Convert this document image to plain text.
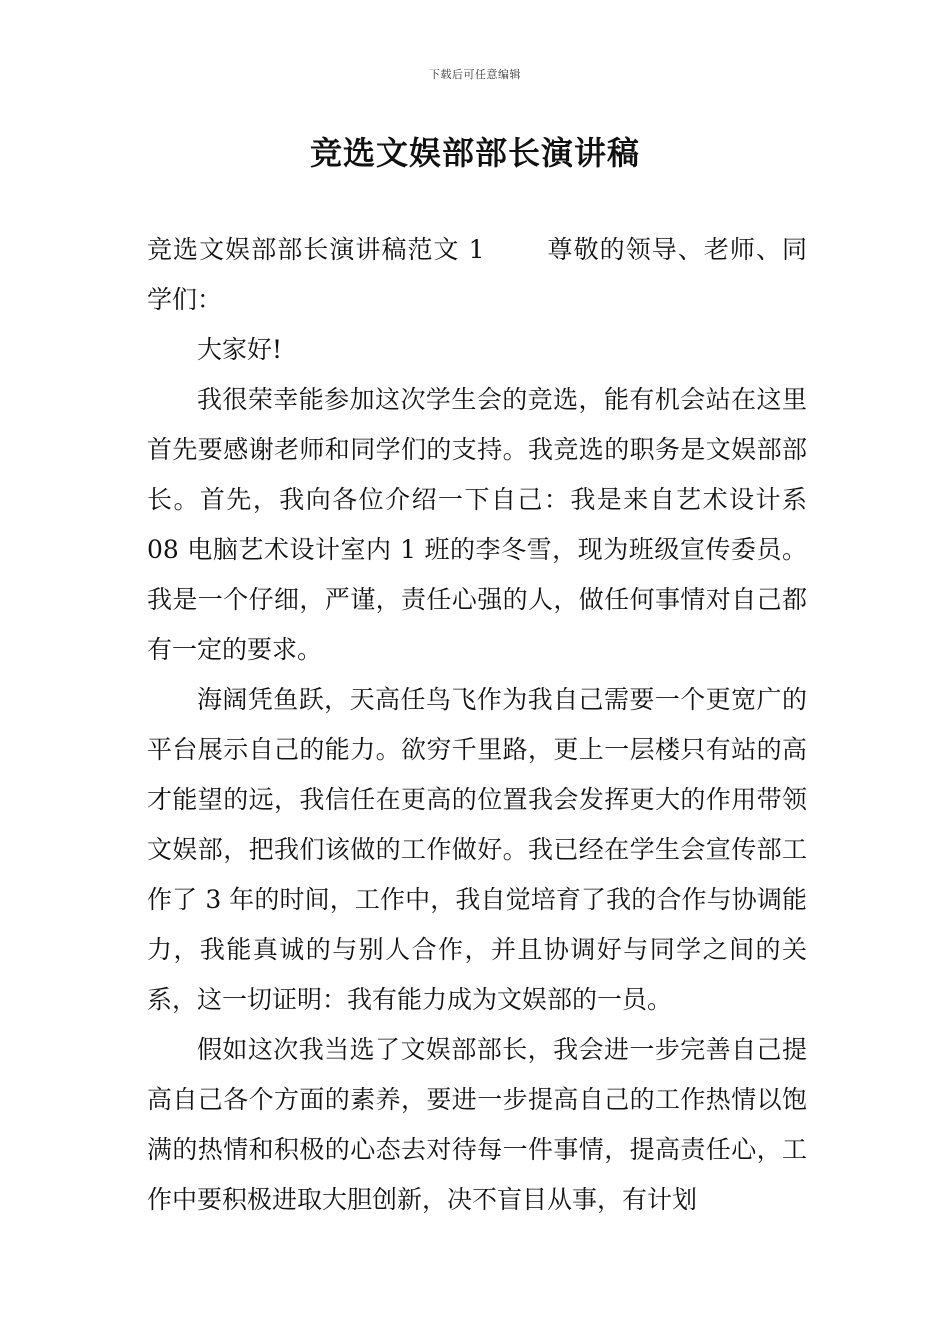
下载后可任意编辑
竞选文娱部部长演讲稿

竞选文娱部部长演讲稿范文 1 尊敬的领导、老师、同学们：

大家好!

我很荣幸能参加这次学生会的竞选，能有机会站在这里首先要感谢老师和同学们的支持。我竞选的职务是文娱部部长。首先，我向各位介绍一下自己：我是来自艺术设计系 08 电脑艺术设计室内 1 班的李冬雪，现为班级宣传委员。我是一个仔细，严谨，责任心强的人，做任何事情对自己都有一定的要求。

海阔凭鱼跃，天高任鸟飞作为我自己需要一个更宽广的平台展示自己的能力。欲穷千里路，更上一层楼只有站的高才能望的远，我信任在更高的位置我会发挥更大的作用带领文娱部，把我们该做的工作做好。我已经在学生会宣传部工作了 3 年的时间，工作中，我自觉培育了我的合作与协调能力，我能真诚的与别人合作，并且协调好与同学之间的关系，这一切证明：我有能力成为文娱部的一员。

假如这次我当选了文娱部部长，我会进一步完善自己提高自己各个方面的素养，要进一步提高自己的工作热情以饱满的热情和积极的心态去对待每一件事情，提高责任心，工作中要积极进取大胆创新，决不盲目从事，有计划
